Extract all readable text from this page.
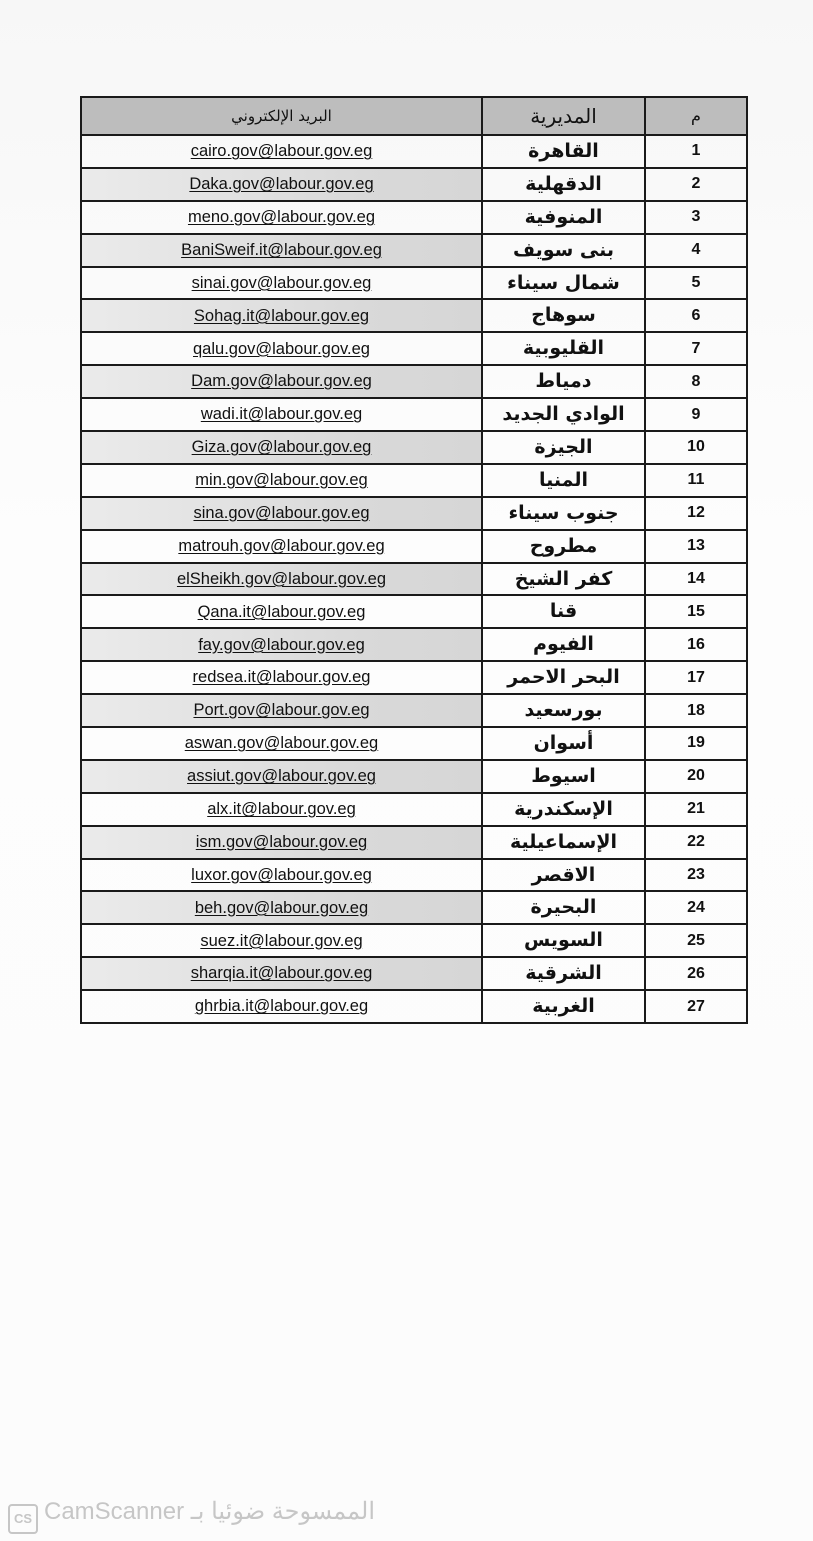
م	المديرية	البريد الإلكتروني
1	القاهرة	cairo.gov@labour.gov.eg
2	الدقهلية	Daka.gov@labour.gov.eg
3	المنوفية	meno.gov@labour.gov.eg
4	بنى سويف	BaniSweif.it@labour.gov.eg
5	شمال سيناء	sinai.gov@labour.gov.eg
6	سوهاج	Sohag.it@labour.gov.eg
7	القليوبية	qalu.gov@labour.gov.eg
8	دمياط	Dam.gov@labour.gov.eg
9	الوادي الجديد	wadi.it@labour.gov.eg
10	الجيزة	Giza.gov@labour.gov.eg
11	المنيا	min.gov@labour.gov.eg
12	جنوب سيناء	sina.gov@labour.gov.eg
13	مطروح	matrouh.gov@labour.gov.eg
14	كفر الشيخ	elSheikh.gov@labour.gov.eg
15	قنا	Qana.it@labour.gov.eg
16	الفيوم	fay.gov@labour.gov.eg
17	البحر الاحمر	redsea.it@labour.gov.eg
18	بورسعيد	Port.gov@labour.gov.eg
19	أسوان	aswan.gov@labour.gov.eg
20	اسيوط	assiut.gov@labour.gov.eg
21	الإسكندرية	alx.it@labour.gov.eg
22	الإسماعيلية	ism.gov@labour.gov.eg
23	الاقصر	luxor.gov@labour.gov.eg
24	البحيرة	beh.gov@labour.gov.eg
25	السويس	suez.it@labour.gov.eg
26	الشرقية	sharqia.it@labour.gov.eg
27	الغربية	ghrbia.it@labour.gov.eg
CS الممسوحة ضوئيا بـ CamScanner
